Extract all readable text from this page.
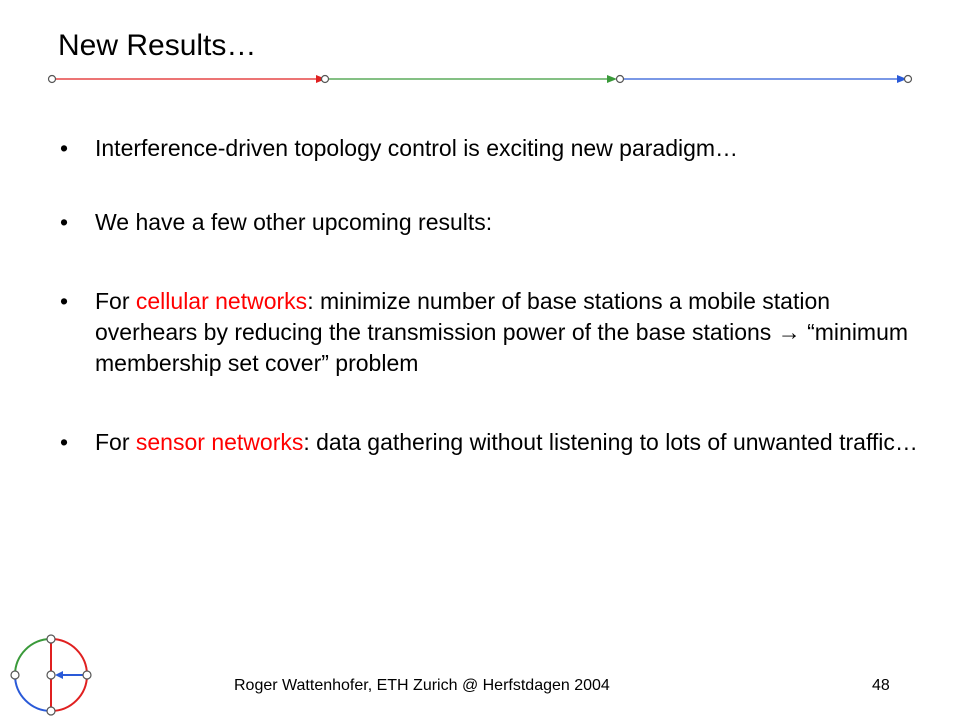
New Results…
• Interference-driven topology control is exciting new paradigm…
• We have a few other upcoming results:
• For cellular networks: minimize number of base stations a mobile station overhears by reducing the transmission power of the base stations → “minimum membership set cover” problem
• For sensor networks: data gathering without listening to lots of unwanted traffic…
Roger Wattenhofer, ETH Zurich @ Herfstdagen 2004	48
